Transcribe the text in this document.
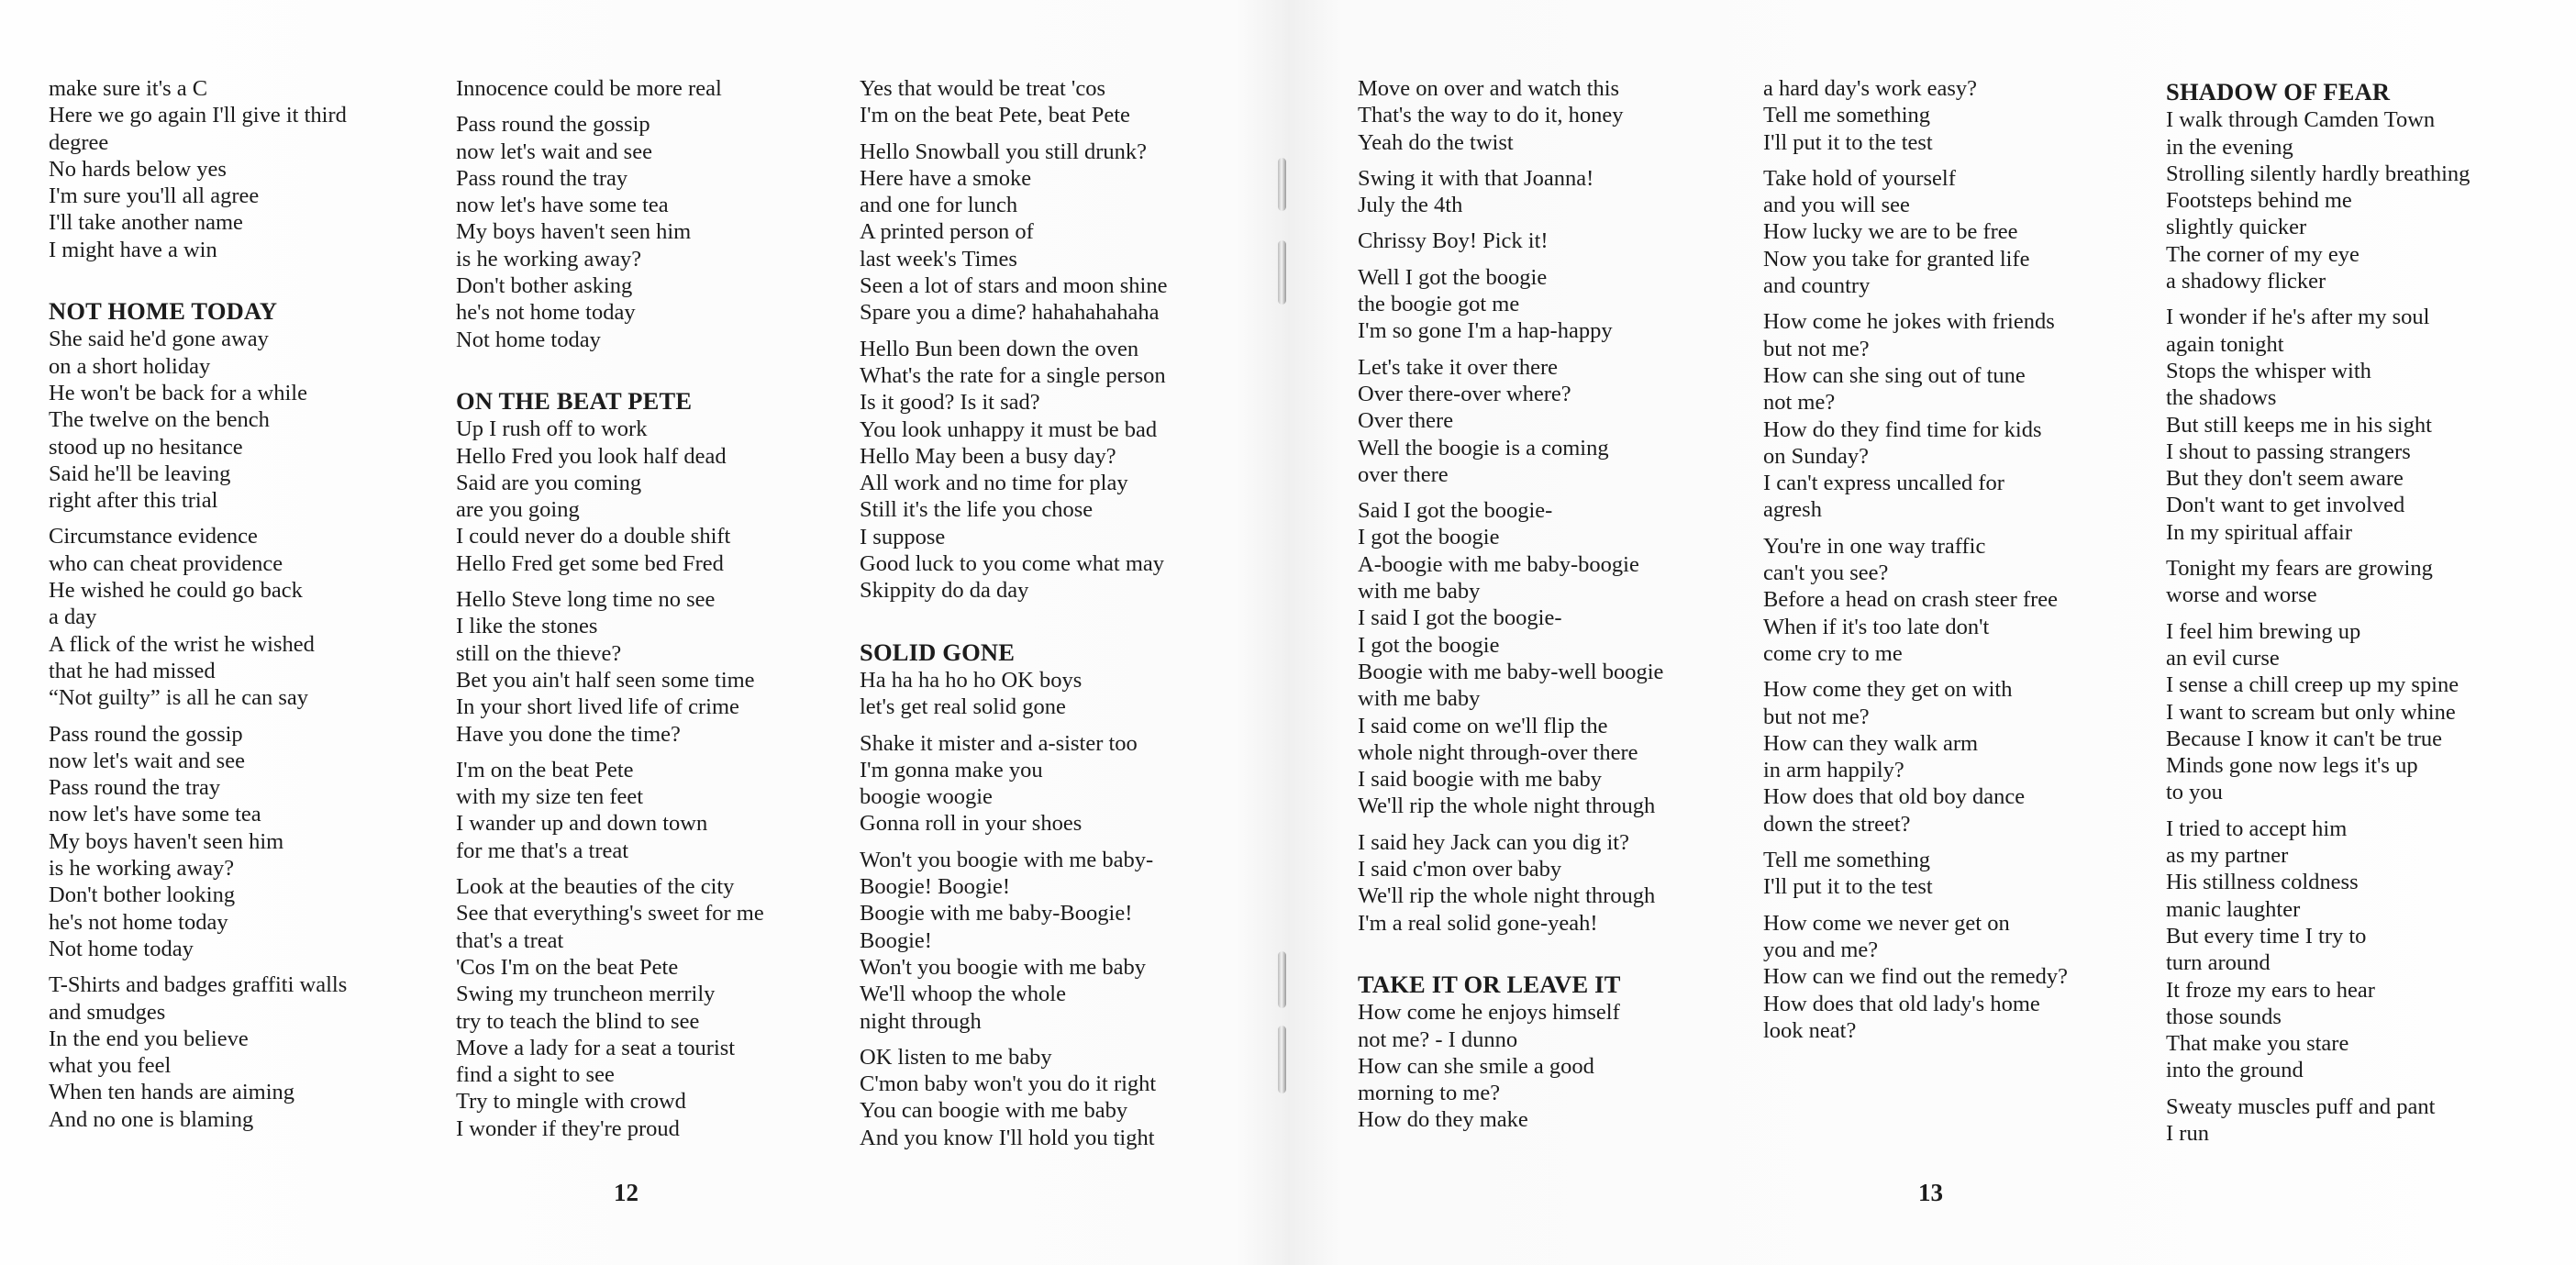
make sure it's a C
Here we go again I'll give it third
degree
No hards below yes
I'm sure you'll all agree
I'll take another name
I might have a win
NOT HOME TODAY
She said he'd gone away
on a short holiday
He won't be back for a while
The twelve on the bench
stood up no hesitance
Said he'll be leaving
right after this trial
Circumstance evidence
who can cheat providence
He wished he could go back
a day
A flick of the wrist he wished
that he had missed
“Not guilty” is all he can say
Pass round the gossip
now let's wait and see
Pass round the tray
now let's have some tea
My boys haven't seen him
is he working away?
Don't bother looking
he's not home today
Not home today
T-Shirts and badges graffiti walls
and smudges
In the end you believe
what you feel
When ten hands are aiming
And no one is blaming
Innocence could be more real
Pass round the gossip
now let's wait and see
Pass round the tray
now let's have some tea
My boys haven't seen him
is he working away?
Don't bother asking
he's not home today
Not home today
ON THE BEAT PETE
Up I rush off to work
Hello Fred you look half dead
Said are you coming
are you going
I could never do a double shift
Hello Fred get some bed Fred
Hello Steve long time no see
I like the stones
still on the thieve?
Bet you ain't half seen some time
In your short lived life of crime
Have you done the time?
I'm on the beat Pete
with my size ten feet
I wander up and down town
for me that's a treat
Look at the beauties of the city
See that everything's sweet for me
that's a treat
'Cos I'm on the beat Pete
Swing my truncheon merrily
try to teach the blind to see
Move a lady for a seat a tourist
find a sight to see
Try to mingle with crowd
I wonder if they're proud
Yes that would be treat 'cos
I'm on the beat Pete, beat Pete
Hello Snowball you still drunk?
Here have a smoke
and one for lunch
A printed person of
last week's Times
Seen a lot of stars and moon shine
Spare you a dime? hahahahahaha
Hello Bun been down the oven
What's the rate for a single person
Is it good? Is it sad?
You look unhappy it must be bad
Hello May been a busy day?
All work and no time for play
Still it's the life you chose
I suppose
Good luck to you come what may
Skippity do da day
SOLID GONE
Ha ha ha ho ho OK boys
let's get real solid gone
Shake it mister and a-sister too
I'm gonna make you
boogie woogie
Gonna roll in your shoes
Won't you boogie with me baby-
Boogie! Boogie!
Boogie with me baby-Boogie!
Boogie!
Won't you boogie with me baby
We'll whoop the whole
night through
OK listen to me baby
C'mon baby won't you do it right
You can boogie with me baby
And you know I'll hold you tight
12
Move on over and watch this
That's the way to do it, honey
Yeah do the twist
Swing it with that Joanna!
July the 4th
Chrissy Boy! Pick it!
Well I got the boogie
the boogie got me
I'm so gone I'm a hap-happy
Let's take it over there
Over there-over where?
Over there
Well the boogie is a coming
over there
Said I got the boogie-
I got the boogie
A-boogie with me baby-boogie
with me baby
I said I got the boogie-
I got the boogie
Boogie with me baby-well boogie
with me baby
I said come on we'll flip the
whole night through-over there
I said boogie with me baby
We'll rip the whole night through
I said hey Jack can you dig it?
I said c'mon over baby
We'll rip the whole night through
I'm a real solid gone-yeah!
TAKE IT OR LEAVE IT
How come he enjoys himself
not me? - I dunno
How can she smile a good
morning to me?
How do they make
a hard day's work easy?
Tell me something
I'll put it to the test
Take hold of yourself
and you will see
How lucky we are to be free
Now you take for granted life
and country
How come he jokes with friends
but not me?
How can she sing out of tune
not me?
How do they find time for kids
on Sunday?
I can't express uncalled for
agresh
You're in one way traffic
can't you see?
Before a head on crash steer free
When if it's too late don't
come cry to me
How come they get on with
but not me?
How can they walk arm
in arm happily?
How does that old boy dance
down the street?
Tell me something
I'll put it to the test
How come we never get on
you and me?
How can we find out the remedy?
How does that old lady's home
look neat?
SHADOW OF FEAR
I walk through Camden Town
in the evening
Strolling silently hardly breathing
Footsteps behind me
slightly quicker
The corner of my eye
a shadowy flicker
I wonder if he's after my soul
again tonight
Stops the whisper with
the shadows
But still keeps me in his sight
I shout to passing strangers
But they don't seem aware
Don't want to get involved
In my spiritual affair
Tonight my fears are growing
worse and worse
I feel him brewing up
an evil curse
I sense a chill creep up my spine
I want to scream but only whine
Because I know it can't be true
Minds gone now legs it's up
to you
I tried to accept him
as my partner
His stillness coldness
manic laughter
But every time I try to
turn around
It froze my ears to hear
those sounds
That make you stare
into the ground
Sweaty muscles puff and pant
I run
13
